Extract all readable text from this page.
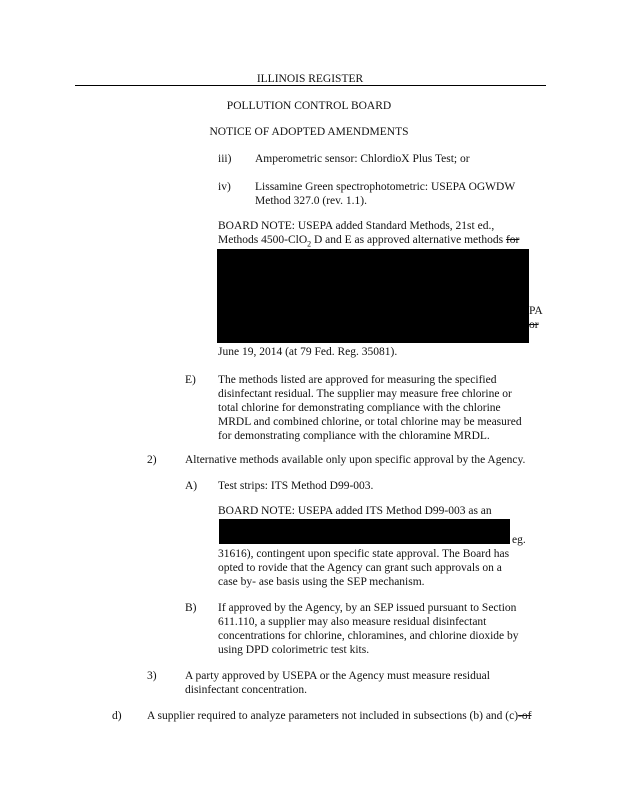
ILLINOIS REGISTER
POLLUTION CONTROL BOARD
NOTICE OF ADOPTED AMENDMENTS
iii) Amperometric sensor: ChlordioX Plus Test; or
iv) Lissamine Green spectrophotometric: USEPA OGWDW
Method 327.0 (rev. 1.1).
BOARD NOTE: USEPA added Standard Methods, 21st ed.,
Methods 4500-ClO$_2$ D and E as approved alternative methods for
PA
or
June 19, 2014 (at 79 Fed. Reg. 35081).
E) The methods listed are approved for measuring the specified
disinfectant residual. The supplier may measure free chlorine or
total chlorine for demonstrating compliance with the chlorine
MRDL and combined chlorine, or total chlorine may be measured
for demonstrating compliance with the chloramine MRDL.
2) Alternative methods available only upon specific approval by the Agency.
A) Test strips: ITS Method D99-003.
BOARD NOTE: USEPA added ITS Method D99-003 as an
eg.
31616), contingent upon specific state approval. The Board has
opted to rovide that the Agency can grant such approvals on a
case by- ase basis using the SEP mechanism.
B) If approved by the Agency, by an SEP issued pursuant to Section
611.110, a supplier may also measure residual disinfectant
concentrations for chlorine, chloramines, and chlorine dioxide by
using DPD colorimetric test kits.
3) A party approved by USEPA or the Agency must measure residual
disinfectant concentration.
d) A supplier required to analyze parameters not included in subsections (b) and (c)-of
